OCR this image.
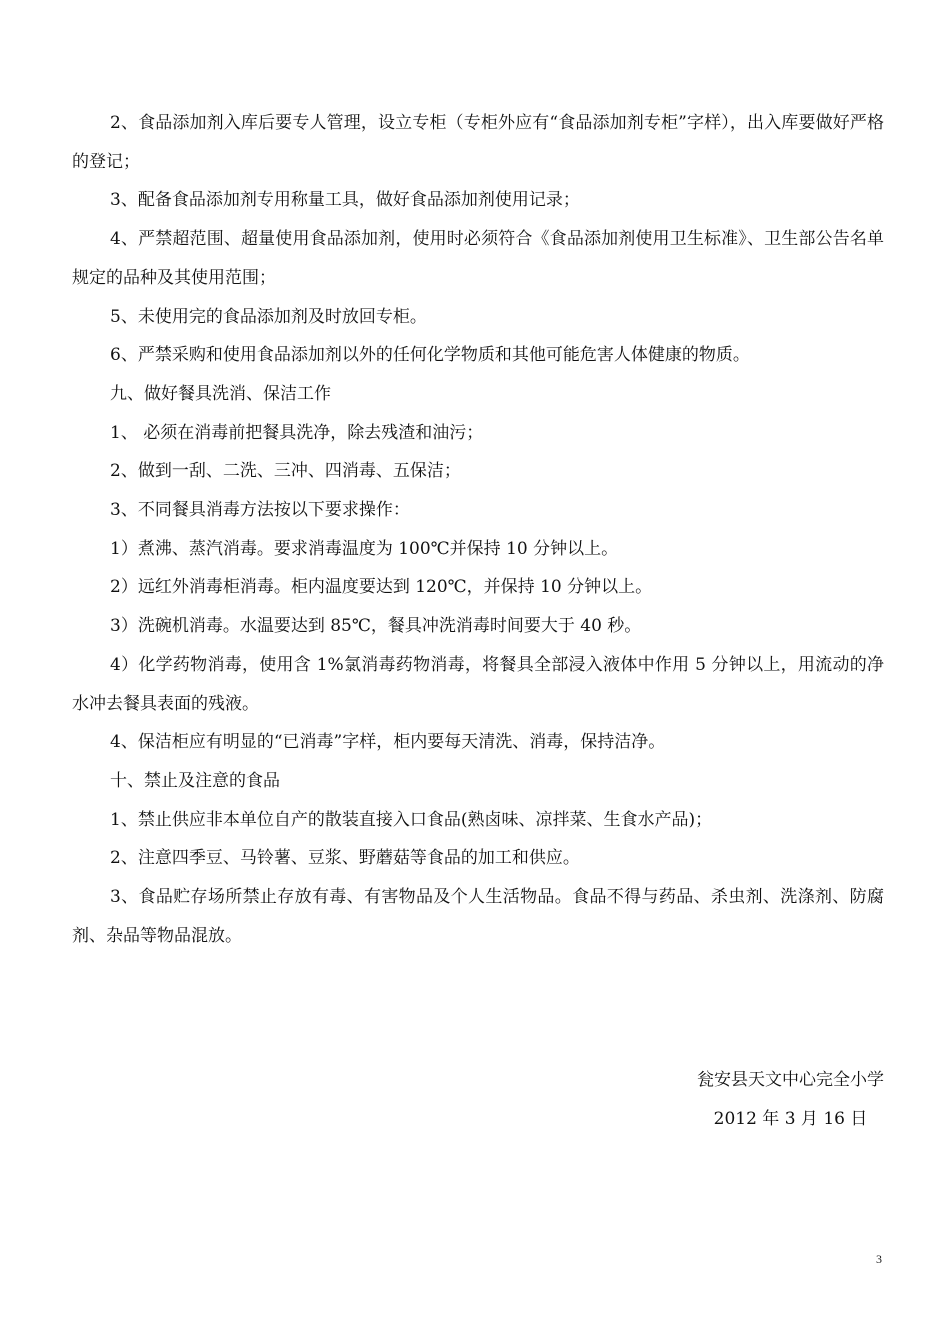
2、食品添加剂入库后要专人管理，设立专柜（专柜外应有“食品添加剂专柜”字样），出入库要做好严格的登记；

3、配备食品添加剂专用称量工具，做好食品添加剂使用记录；

4、严禁超范围、超量使用食品添加剂，使用时必须符合《食品添加剂使用卫生标准》、卫生部公告名单规定的品种及其使用范围；

5、未使用完的食品添加剂及时放回专柜。

6、严禁采购和使用食品添加剂以外的任何化学物质和其他可能危害人体健康的物质。

九、做好餐具洗消、保洁工作

1、 必须在消毒前把餐具洗净，除去残渣和油污；

2、做到一刮、二洗、三冲、四消毒、五保洁；

3、不同餐具消毒方法按以下要求操作：

1）煮沸、蒸汽消毒。要求消毒温度为 100℃并保持 10 分钟以上。

2）远红外消毒柜消毒。柜内温度要达到 120℃，并保持 10 分钟以上。

3）洗碗机消毒。水温要达到 85℃，餐具冲洗消毒时间要大于 40 秒。

4）化学药物消毒，使用含 1%氯消毒药物消毒，将餐具全部浸入液体中作用 5 分钟以上，用流动的净水冲去餐具表面的残液。

4、保洁柜应有明显的“已消毒”字样，柜内要每天清洗、消毒，保持洁净。

十、禁止及注意的食品

1、禁止供应非本单位自产的散装直接入口食品(熟卤味、凉拌菜、生食水产品)；

2、注意四季豆、马铃薯、豆浆、野蘑菇等食品的加工和供应。

3、食品贮存场所禁止存放有毒、有害物品及个人生活物品。食品不得与药品、杀虫剂、洗涤剂、防腐剂、杂品等物品混放。

瓮安县天文中心完全小学
2012 年 3 月 16 日
3
